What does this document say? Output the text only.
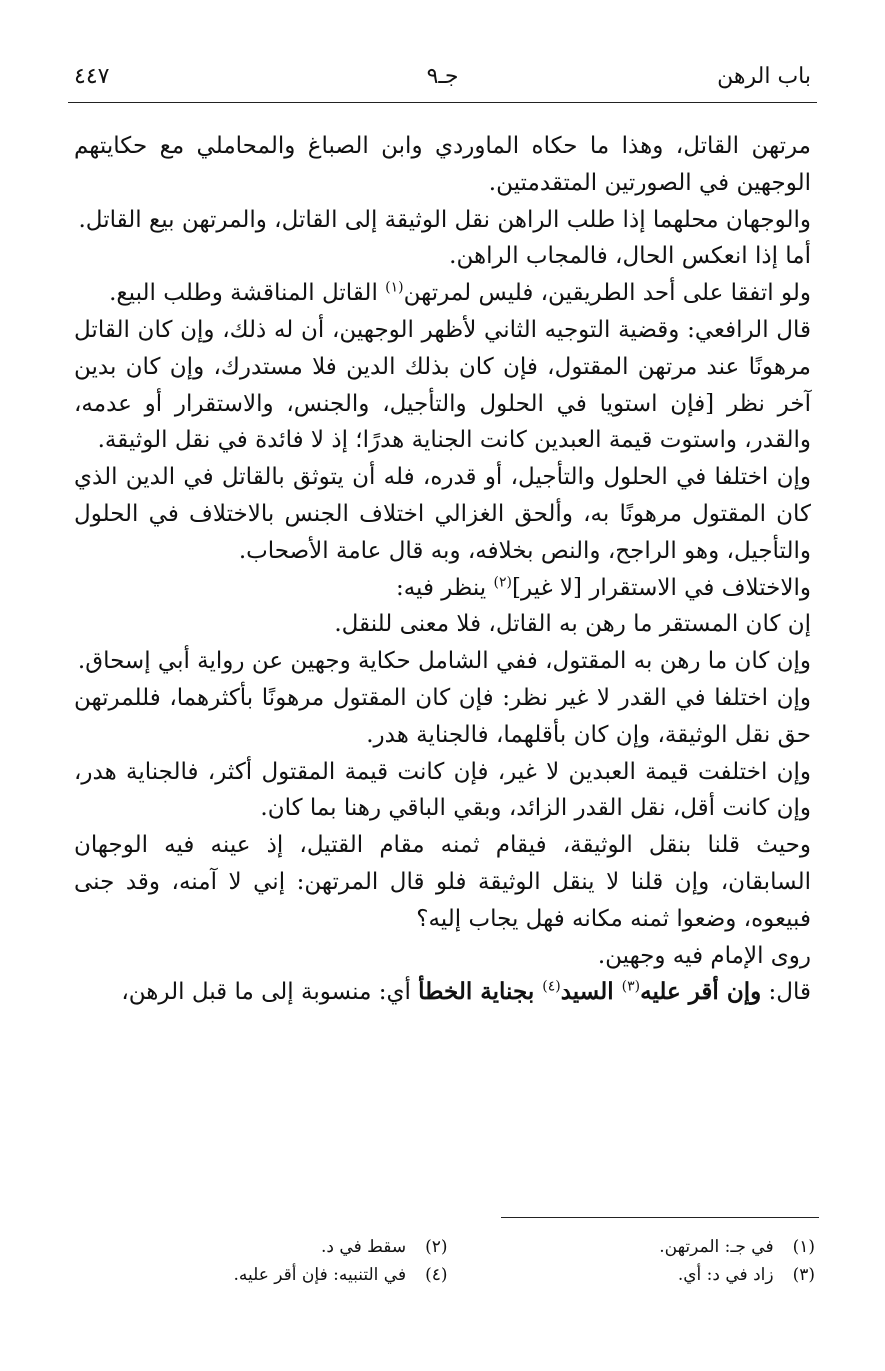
باب الرهن
جـ٩
٤٤٧

مرتهن القاتل، وهذا ما حكاه الماوردي وابن الصباغ والمحاملي مع حكايتهم الوجهين في الصورتين المتقدمتين.

والوجهان محلهما إذا طلب الراهن نقل الوثيقة إلى القاتل، والمرتهن بيع القاتل.

أما إذا انعكس الحال، فالمجاب الراهن.

ولو اتفقا على أحد الطريقين، فليس لمرتهن$^{(١)}$ القاتل المناقشة وطلب البيع.

قال الرافعي: وقضية التوجيه الثاني لأظهر الوجهين، أن له ذلك، وإن كان القاتل مرهونًا عند مرتهن المقتول، فإن كان بذلك الدين فلا مستدرك، وإن كان بدين آخر نظر [فإن استويا في الحلول والتأجيل، والجنس، والاستقرار أو عدمه، والقدر، واستوت قيمة العبدين كانت الجناية هدرًا؛ إذ لا فائدة في نقل الوثيقة.

وإن اختلفا في الحلول والتأجيل، أو قدره، فله أن يتوثق بالقاتل في الدين الذي كان المقتول مرهونًا به، وألحق الغزالي اختلاف الجنس بالاختلاف في الحلول والتأجيل، وهو الراجح، والنص بخلافه، وبه قال عامة الأصحاب.

والاختلاف في الاستقرار [لا غير]$^{(٢)}$ ينظر فيه:

إن كان المستقر ما رهن به القاتل، فلا معنى للنقل.

وإن كان ما رهن به المقتول، ففي الشامل حكاية وجهين عن رواية أبي إسحاق.

وإن اختلفا في القدر لا غير نظر: فإن كان المقتول مرهونًا بأكثرهما، فللمرتهن حق نقل الوثيقة، وإن كان بأقلهما، فالجناية هدر.

وإن اختلفت قيمة العبدين لا غير، فإن كانت قيمة المقتول أكثر، فالجناية هدر، وإن كانت أقل، نقل القدر الزائد، وبقي الباقي رهنا بما كان.

وحيث قلنا بنقل الوثيقة، فيقام ثمنه مقام القتيل، إذ عينه فيه الوجهان السابقان، وإن قلنا لا ينقل الوثيقة فلو قال المرتهن: إني لا آمنه، وقد جنى فبيعوه، وضعوا ثمنه مكانه فهل يجاب إليه؟

روى الإمام فيه وجهين.

قال: وإن أقر عليه$^{(٣)}$ السيد$^{(٤)}$ بجناية الخطأ أي: منسوبة إلى ما قبل الرهن،

(١) في جـ: المرتهن.
(٢) سقط في د.
(٣) زاد في د: أي.
(٤) في التنبيه: فإن أقر عليه.
